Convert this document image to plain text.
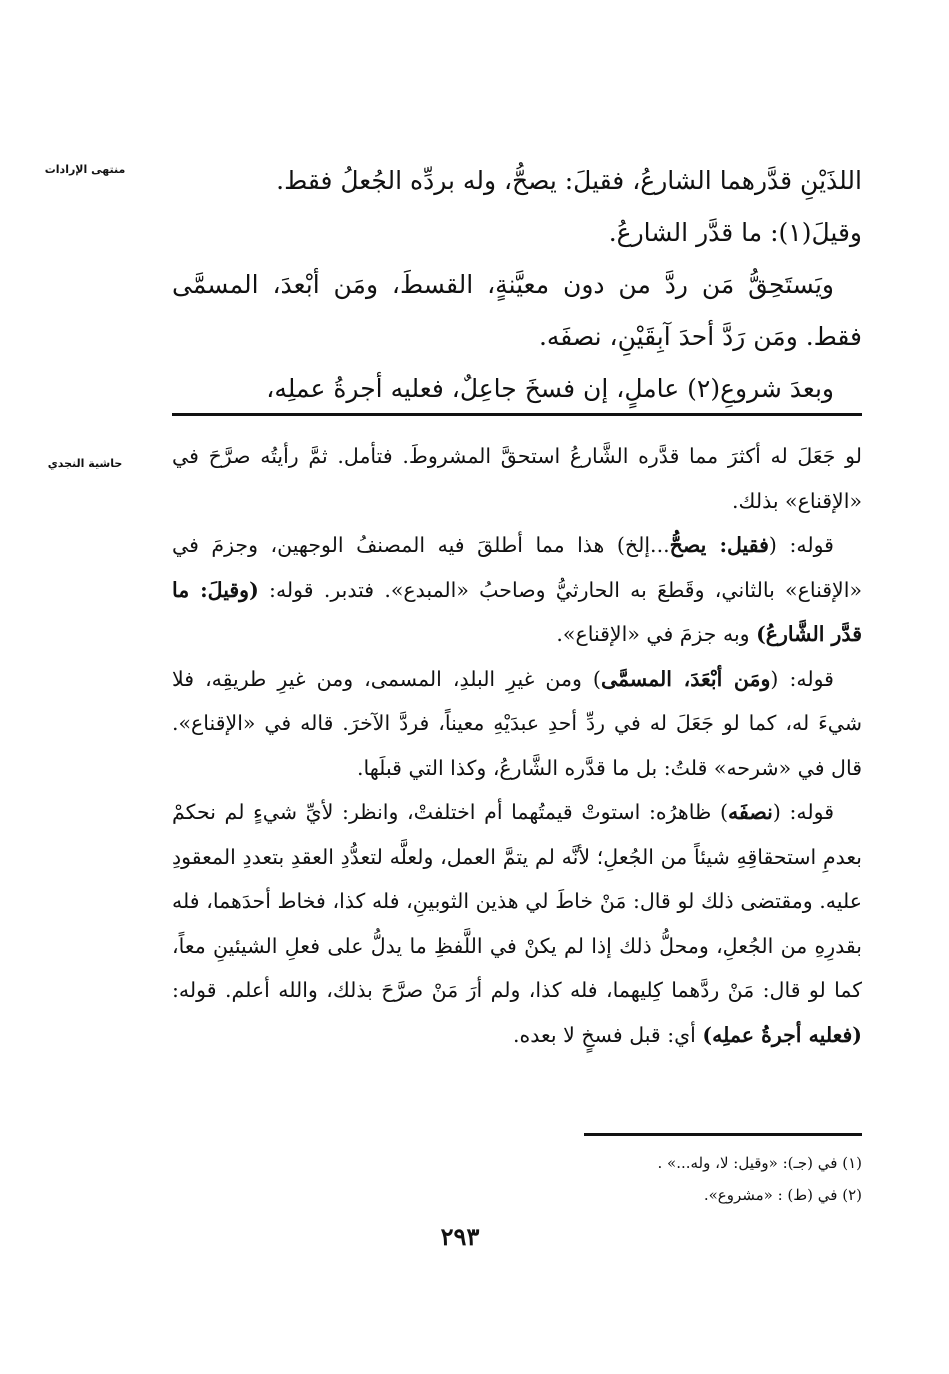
منتهى الإرادات	اللذَيْنِ قدَّرهما الشارعُ، فقيلَ: يصحُّ، وله بردِّه الجُعلُ فقط.

وقيلَ(١): ما قدَّر الشارعُ.

ويَستَحِقُّ مَن ردَّ من دون معيَّنةٍ، القسطَ، ومَن أبْعدَ، المسمَّى فقط. ومَن رَدَّ أحدَ آبِقَيْنِ، نصفَه.

وبعدَ شروعِ(٢) عاملٍ، إن فسخَ جاعِلٌ، فعليه أجرةُ عملِه،

حاشية النجدي	لو جَعَلَ له أكثرَ مما قدَّره الشَّارعُ استحقَّ المشروطَ. فتأمل. ثمَّ رأيتُه صرَّحَ في «الإقناع» بذلك.

قوله: (فقيل: يصحُّ...إلخ) هذا مما أطلقَ فيه المصنفُ الوجهين، وجزمَ في «الإقناع» بالثاني، وقَطعَ به الحارثيُّ وصاحبُ «المبدع». فتدبر. قوله: (وقيلَ: ما قدَّر الشَّارعُ) وبه جزمَ في «الإقناع».

قوله: (ومَن أبْعَدَ، المسمَّى) ومن غيرِ البلدِ، المسمى، ومن غيرِ طريقِه، فلا شيءَ له، كما لو جَعَلَ له في ردِّ أحدِ عبدَيْهِ معيناً، فردَّ الآخرَ. قاله في «الإقناع». قال في «شرحه» قلتُ: بل ما قدَّره الشَّارعُ، وكذا التي قبلَها.

قوله: (نصفَه) ظاهرُه: استوتْ قيمتُهما أم اختلفتْ، وانظر: لأيِّ شيءٍ لم نحكمْ بعدمِ استحقاقِهِ شيئاً من الجُعلِ؛ لأنَّه لم يتمَّ العمل، ولعلَّه لتعدُّدِ العقدِ بتعددِ المعقودِ عليه. ومقتضى ذلك لو قال: مَنْ خاطَ لي هذين الثوبينِ، فله كذا، فخاط أحدَهما، فله بقدرِهِ من الجُعلِ، ومحلُّ ذلك إذا لم يكنْ في اللَّفظِ ما يدلُّ على فعلِ الشيئينِ معاً، كما لو قال: مَنْ ردَّهما كِليهما، فله كذا، ولم أرَ مَنْ صرَّحَ بذلك، والله أعلم. قوله: (فعليه أجرةُ عملِه) أي: قبل فسخٍ لا بعده.

(١) في (جـ): «وقيل: لا، وله...» .
(٢) في (ط) : «مشروع».
٢٩٣
